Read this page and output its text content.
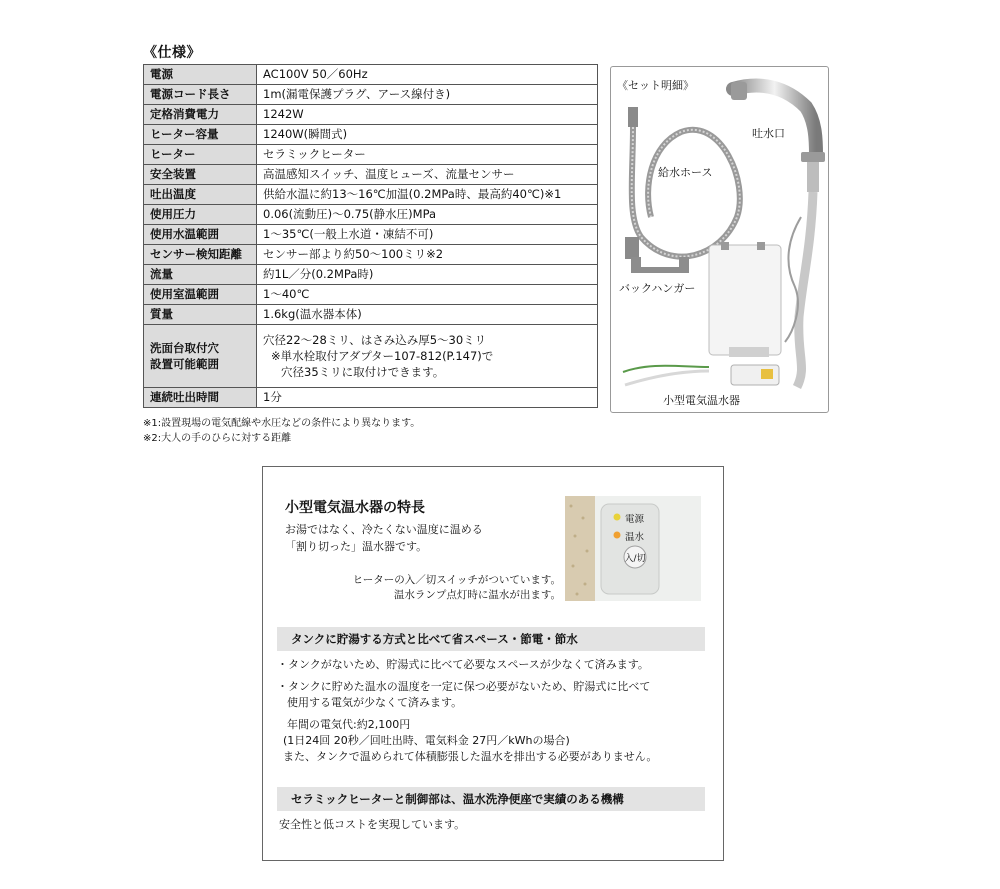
《仕様》
電源	AC100V 50／60Hz
電源コード長さ	1m(漏電保護プラグ、アース線付き)
定格消費電力	1242W
ヒーター容量	1240W(瞬間式)
ヒーター	セラミックヒーター
安全装置	高温感知スイッチ、温度ヒューズ、流量センサー
吐出温度	供給水温に約13〜16℃加温(0.2MPa時、最高約40℃)※1
使用圧力	0.06(流動圧)〜0.75(静水圧)MPa
使用水温範囲	1〜35℃(一般上水道・凍結不可)
センサー検知距離	センサー部より約50〜100ミリ※2
流量	約1L／分(0.2MPa時)
使用室温範囲	1〜40℃
質量	1.6kg(温水器本体)

洗面台取付穴
設置可能範囲	穴径22〜28ミリ、はさみ込み厚5〜30ミリ
※単水栓取付アダプター107-812(P.147)で
穴径35ミリに取付けできます。

連続吐出時間	1分
※1:設置現場の電気配線や水圧などの条件により異なります。
※2:大人の手のひらに対する距離
《セット明細》
吐水口
給水ホース
バックハンガー
小型電気温水器
小型電気温水器の特長
お湯ではなく、冷たくない温度に温める
「割り切った」温水器です。
ヒーターの入／切スイッチがついています。
温水ランプ点灯時に温水が出ます。
電源
温水
入/切
タンクに貯湯する方式と比べて省スペース・節電・節水
・タンクがないため、貯湯式に比べて必要なスペースが少なくて済みます。
・タンクに貯めた温水の温度を一定に保つ必要がないため、貯湯式に比べて
使用する電気が少なくて済みます。
年間の電気代:約2,100円
(1日24回 20秒／回吐出時、電気料金 27円／kWhの場合)
また、タンクで温められて体積膨張した温水を排出する必要がありません。
セラミックヒーターと制御部は、温水洗浄便座で実績のある機構
安全性と低コストを実現しています。
